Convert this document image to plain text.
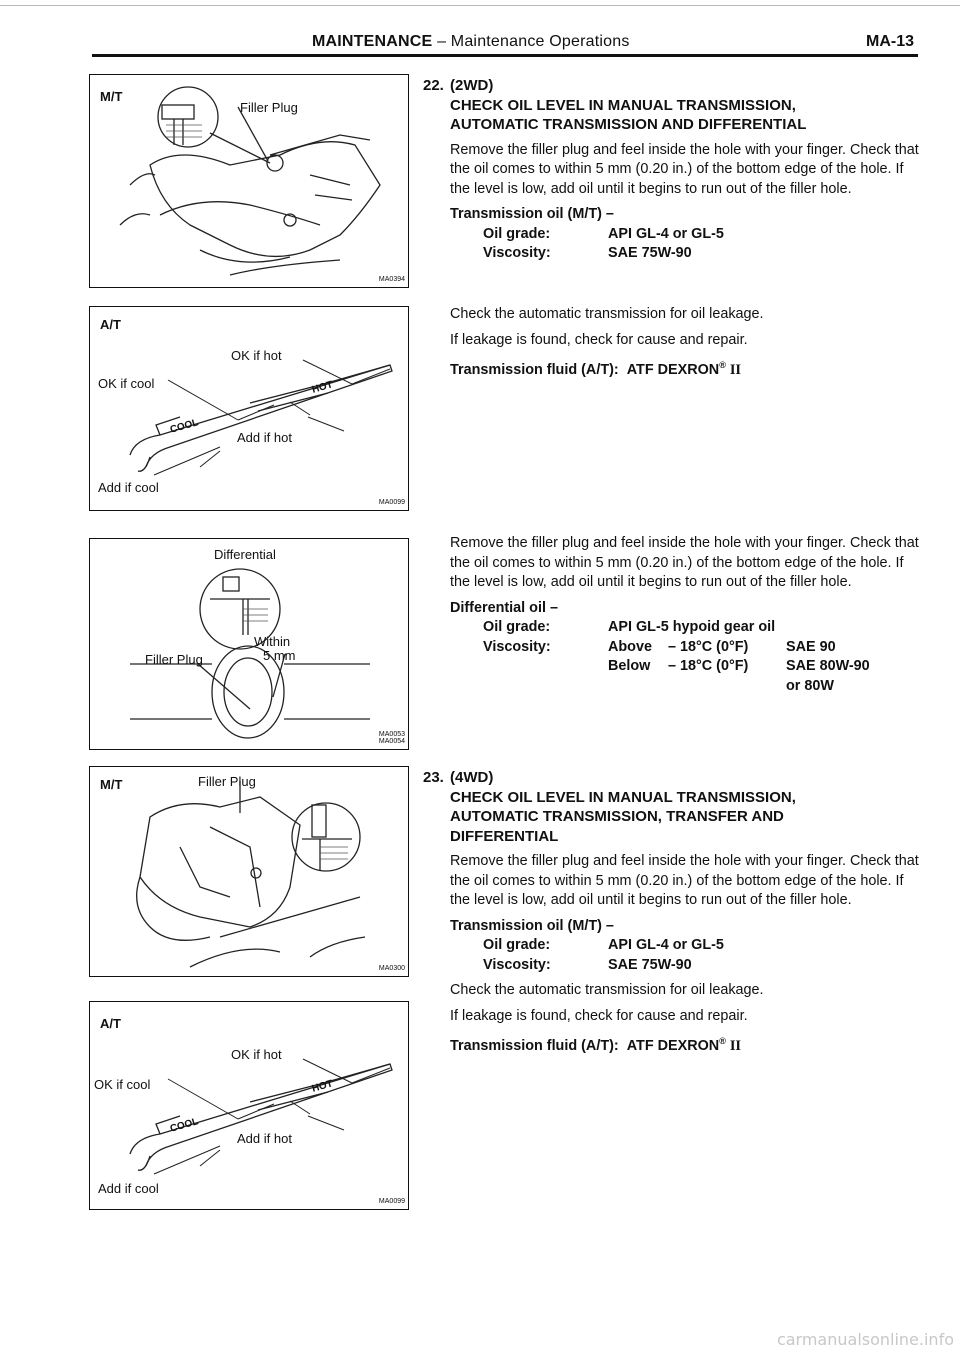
MAINTENANCE – Maintenance Operations	MA-13
M/T
Filler Plug
MA0394
A/T
OK if hot
OK if cool	HOT
COOL
Add if hot
Add if cool
MA0099
Differential
Within
5 mm
Filler Plug
MA0053
MA0054
M/T	Filler Plug
MA0300
A/T
OK if hot
OK if cool	HOT
COOL
Add if hot
Add if cool
MA0099
22. (2WD)
CHECK OIL LEVEL IN MANUAL TRANSMISSION,
AUTOMATIC TRANSMISSION AND DIFFERENTIAL

Remove the filler plug and feel inside the hole with your finger. Check that the oil comes to within 5 mm (0.20 in.) of the bottom edge of the hole. If the level is low, add oil until it begins to run out of the filler hole.

Transmission oil (M/T) –
Oil grade:	API GL-4 or GL-5
Viscosity:	SAE 75W-90

Check the automatic transmission for oil leakage.

If leakage is found, check for cause and repair.

Transmission fluid (A/T): ATF DEXRON® II

Remove the filler plug and feel inside the hole with your finger. Check that the oil comes to within 5 mm (0.20 in.) of the bottom edge of the hole. If the level is low, add oil until it begins to run out of the filler hole.

Differential oil –
Oil grade:	API GL-5 hypoid gear oil
Viscosity:	Above	– 18°C (0°F)	SAE 90
Below	– 18°C (0°F)	SAE 80W-90
or 80W
23. (4WD)
CHECK OIL LEVEL IN MANUAL TRANSMISSION,
AUTOMATIC TRANSMISSION, TRANSFER AND
DIFFERENTIAL

Remove the filler plug and feel inside the hole with your finger. Check that the oil comes to within 5 mm (0.20 in.) of the bottom edge of the hole. If the level is low, add oil until it begins to run out of the filler hole.

Transmission oil (M/T) –
Oil grade:	API GL-4 or GL-5
Viscosity:	SAE 75W-90

Check the automatic transmission for oil leakage.

If leakage is found, check for cause and repair.

Transmission fluid (A/T): ATF DEXRON® II
carmanualsonline.info
